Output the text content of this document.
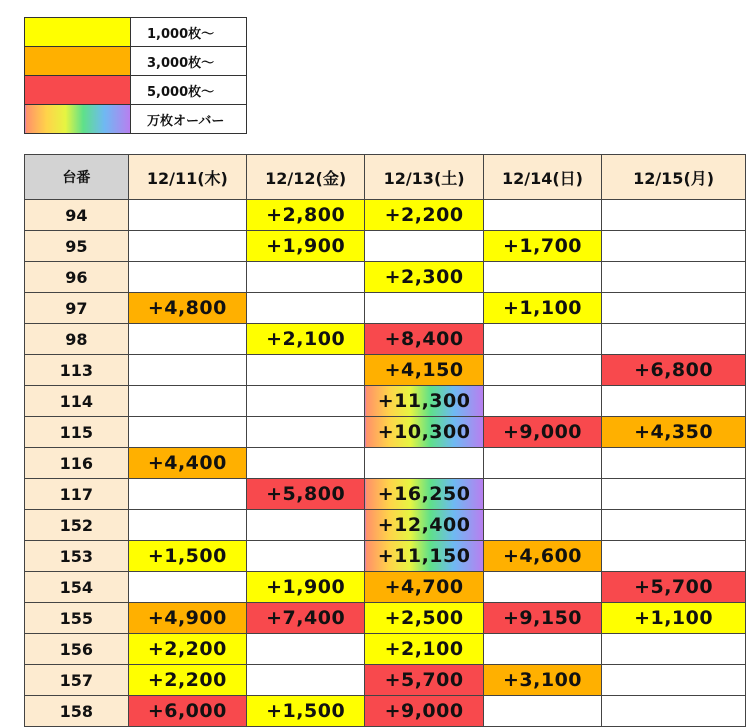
	1,000枚〜
	3,000枚〜
	5,000枚〜
	万枚オーバー
台番	12/11(木)	12/12(金)	12/13(土)	12/14(日)	12/15(月)
94		+2,800	+2,200		
95		+1,900		+1,700	
96			+2,300		
97	+4,800			+1,100	
98		+2,100	+8,400		
113			+4,150		+6,800
114			+11,300		
115			+10,300	+9,000	+4,350
116	+4,400				
117		+5,800	+16,250		
152			+12,400		
153	+1,500		+11,150	+4,600	
154		+1,900	+4,700		+5,700
155	+4,900	+7,400	+2,500	+9,150	+1,100
156	+2,200		+2,100		
157	+2,200		+5,700	+3,100	
158	+6,000	+1,500	+9,000		
